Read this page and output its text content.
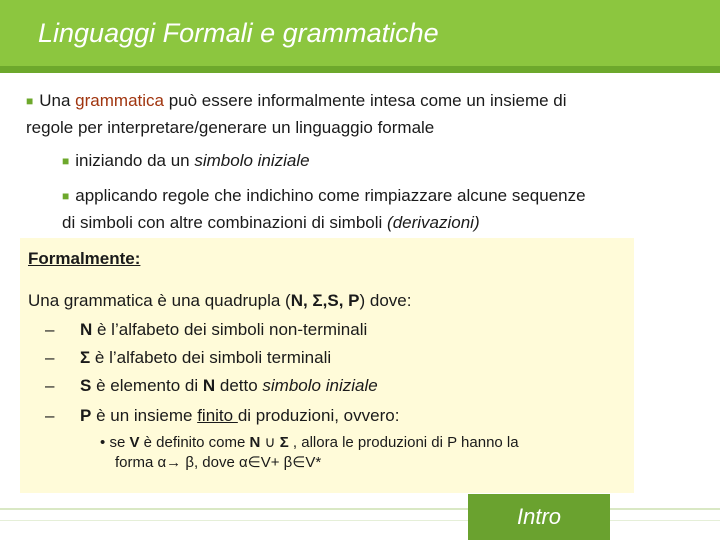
Linguaggi Formali e grammatiche
■ Una grammatica può essere informalmente intesa come un insieme di
regole per interpretare/generare un linguaggio formale
■ iniziando da un simbolo iniziale
■ applicando regole che indichino come rimpiazzare alcune sequenze
di simboli con altre combinazioni di simboli (derivazioni)
Formalmente:
Una grammatica è una quadrupla (N, Σ,S, P) dove:
– N è l’alfabeto dei simboli non-terminali
– Σ è l’alfabeto dei simboli terminali
– S è elemento di N detto simbolo iniziale
– P è un insieme finito di produzioni, ovvero:
• se V è definito come N ∪ Σ , allora le produzioni di P hanno la
forma α→ β, dove α∈V+ β∈V*
Intro
